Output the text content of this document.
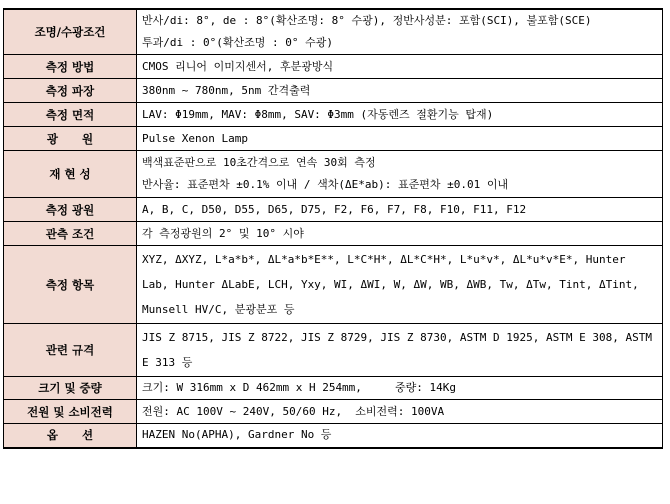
조명/수광조건	반사/di: 8°, de : 8°(확산조명: 8° 수광), 정반사성분: 포함(SCI), 불포함(SCE)
투과/di : 0°(확산조명 : 0° 수광)

측정 방법	CMOS 리니어 이미지센서, 후분광방식

측정 파장	380nm ~ 780nm, 5nm 간격출력

측정 면적	LAV: Φ19mm, MAV: Φ8mm, SAV: Φ3mm (자동렌즈 절환기능 탑재)

광      원	Pulse Xenon Lamp

재 현 성	백색표준판으로 10초간격으로 연속 30회 측정
반사율: 표준편차 ±0.1% 이내 / 색차(ΔE*ab): 표준편차 ±0.01 이내

측정 광원	A, B, C, D50, D55, D65, D75, F2, F6, F7, F8, F10, F11, F12

관측 조건	각 측정광원의 2° 및 10° 시야

측정 항목	XYZ, ΔXYZ, L*a*b*, ΔL*a*b*E**, L*C*H*, ΔL*C*H*, L*u*v*, ΔL*u*v*E*, Hunter Lab, Hunter ΔLabE, LCH, Yxy, WI, ΔWI, W, ΔW, WB, ΔWB, Tw, ΔTw, Tint, ΔTint, Munsell HV/C, 분광분포 등

관련 규격	JIS Z 8715, JIS Z 8722, JIS Z 8729, JIS Z 8730, ASTM D 1925, ASTM E 308, ASTM E 313 등

크기 및 중량	크기: W 316mm x D 462mm x H 254mm,     중량: 14Kg

전원 및 소비전력	전원: AC 100V ~ 240V, 50/60 Hz,  소비전력: 100VA

옵      션	HAZEN No(APHA), Gardner No 등
